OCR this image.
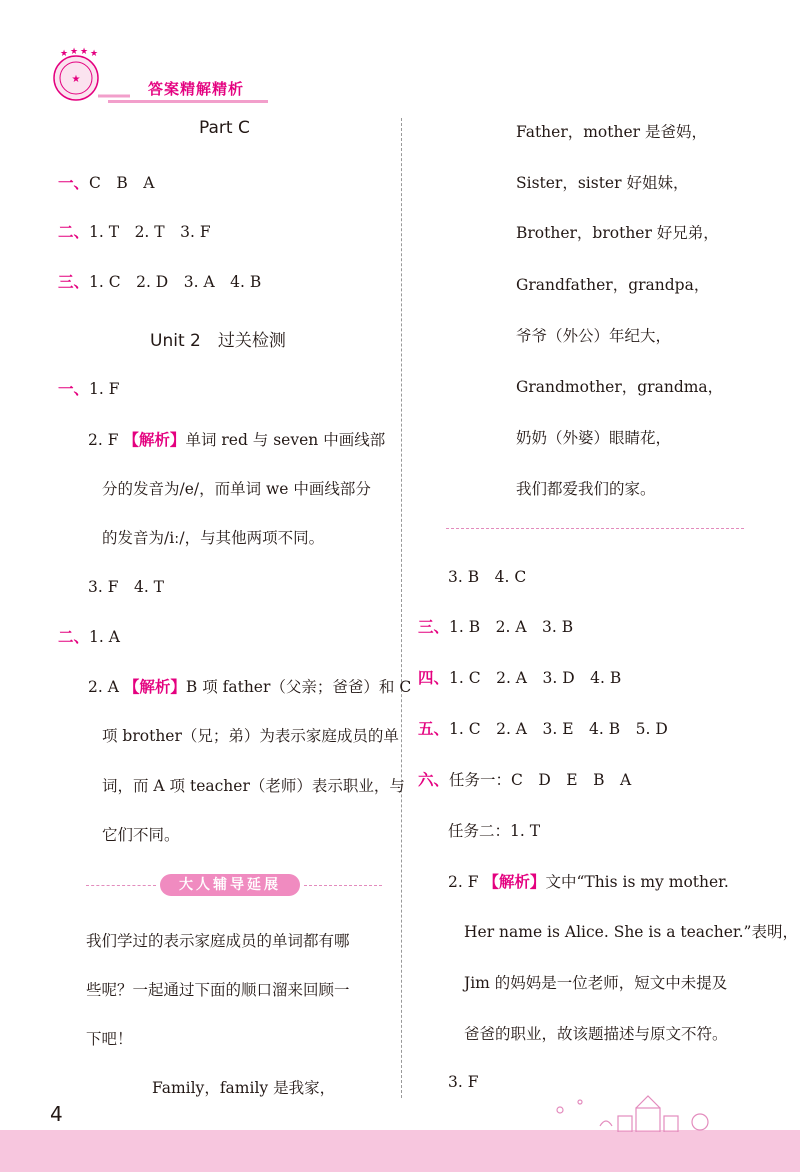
★
★ ★ ★ ★
答案精解精析
Part C
一、C　B　A
二、1. T　2. T　3. F
三、1. C　2. D　3. A　4. B
Unit 2　过关检测
一、1. F
2. F 【解析】单词 red 与 seven 中画线部
分的发音为/e/，而单词 we 中画线部分
的发音为/iː/，与其他两项不同。
3. F　4. T
二、1. A
2. A 【解析】B 项 father（父亲；爸爸）和 C
项 brother（兄；弟）为表示家庭成员的单
词，而 A 项 teacher（老师）表示职业，与
它们不同。
大人辅导延展
我们学过的表示家庭成员的单词都有哪
些呢？一起通过下面的顺口溜来回顾一
下吧！
Family，family 是我家，
Father，mother 是爸妈，
Sister，sister 好姐妹，
Brother，brother 好兄弟，
Grandfather，grandpa，
爷爷（外公）年纪大，
Grandmother，grandma，
奶奶（外婆）眼睛花，
我们都爱我们的家。
3. B　4. C
三、1. B　2. A　3. B
四、1. C　2. A　3. D　4. B
五、1. C　2. A　3. E　4. B　5. D
六、任务一：C　D　E　B　A
任务二：1. T
2. F 【解析】文中“This is my mother.
Her name is Alice. She is a teacher.”表明，
Jim 的妈妈是一位老师，短文中未提及
爸爸的职业，故该题描述与原文不符。
3. F
4
